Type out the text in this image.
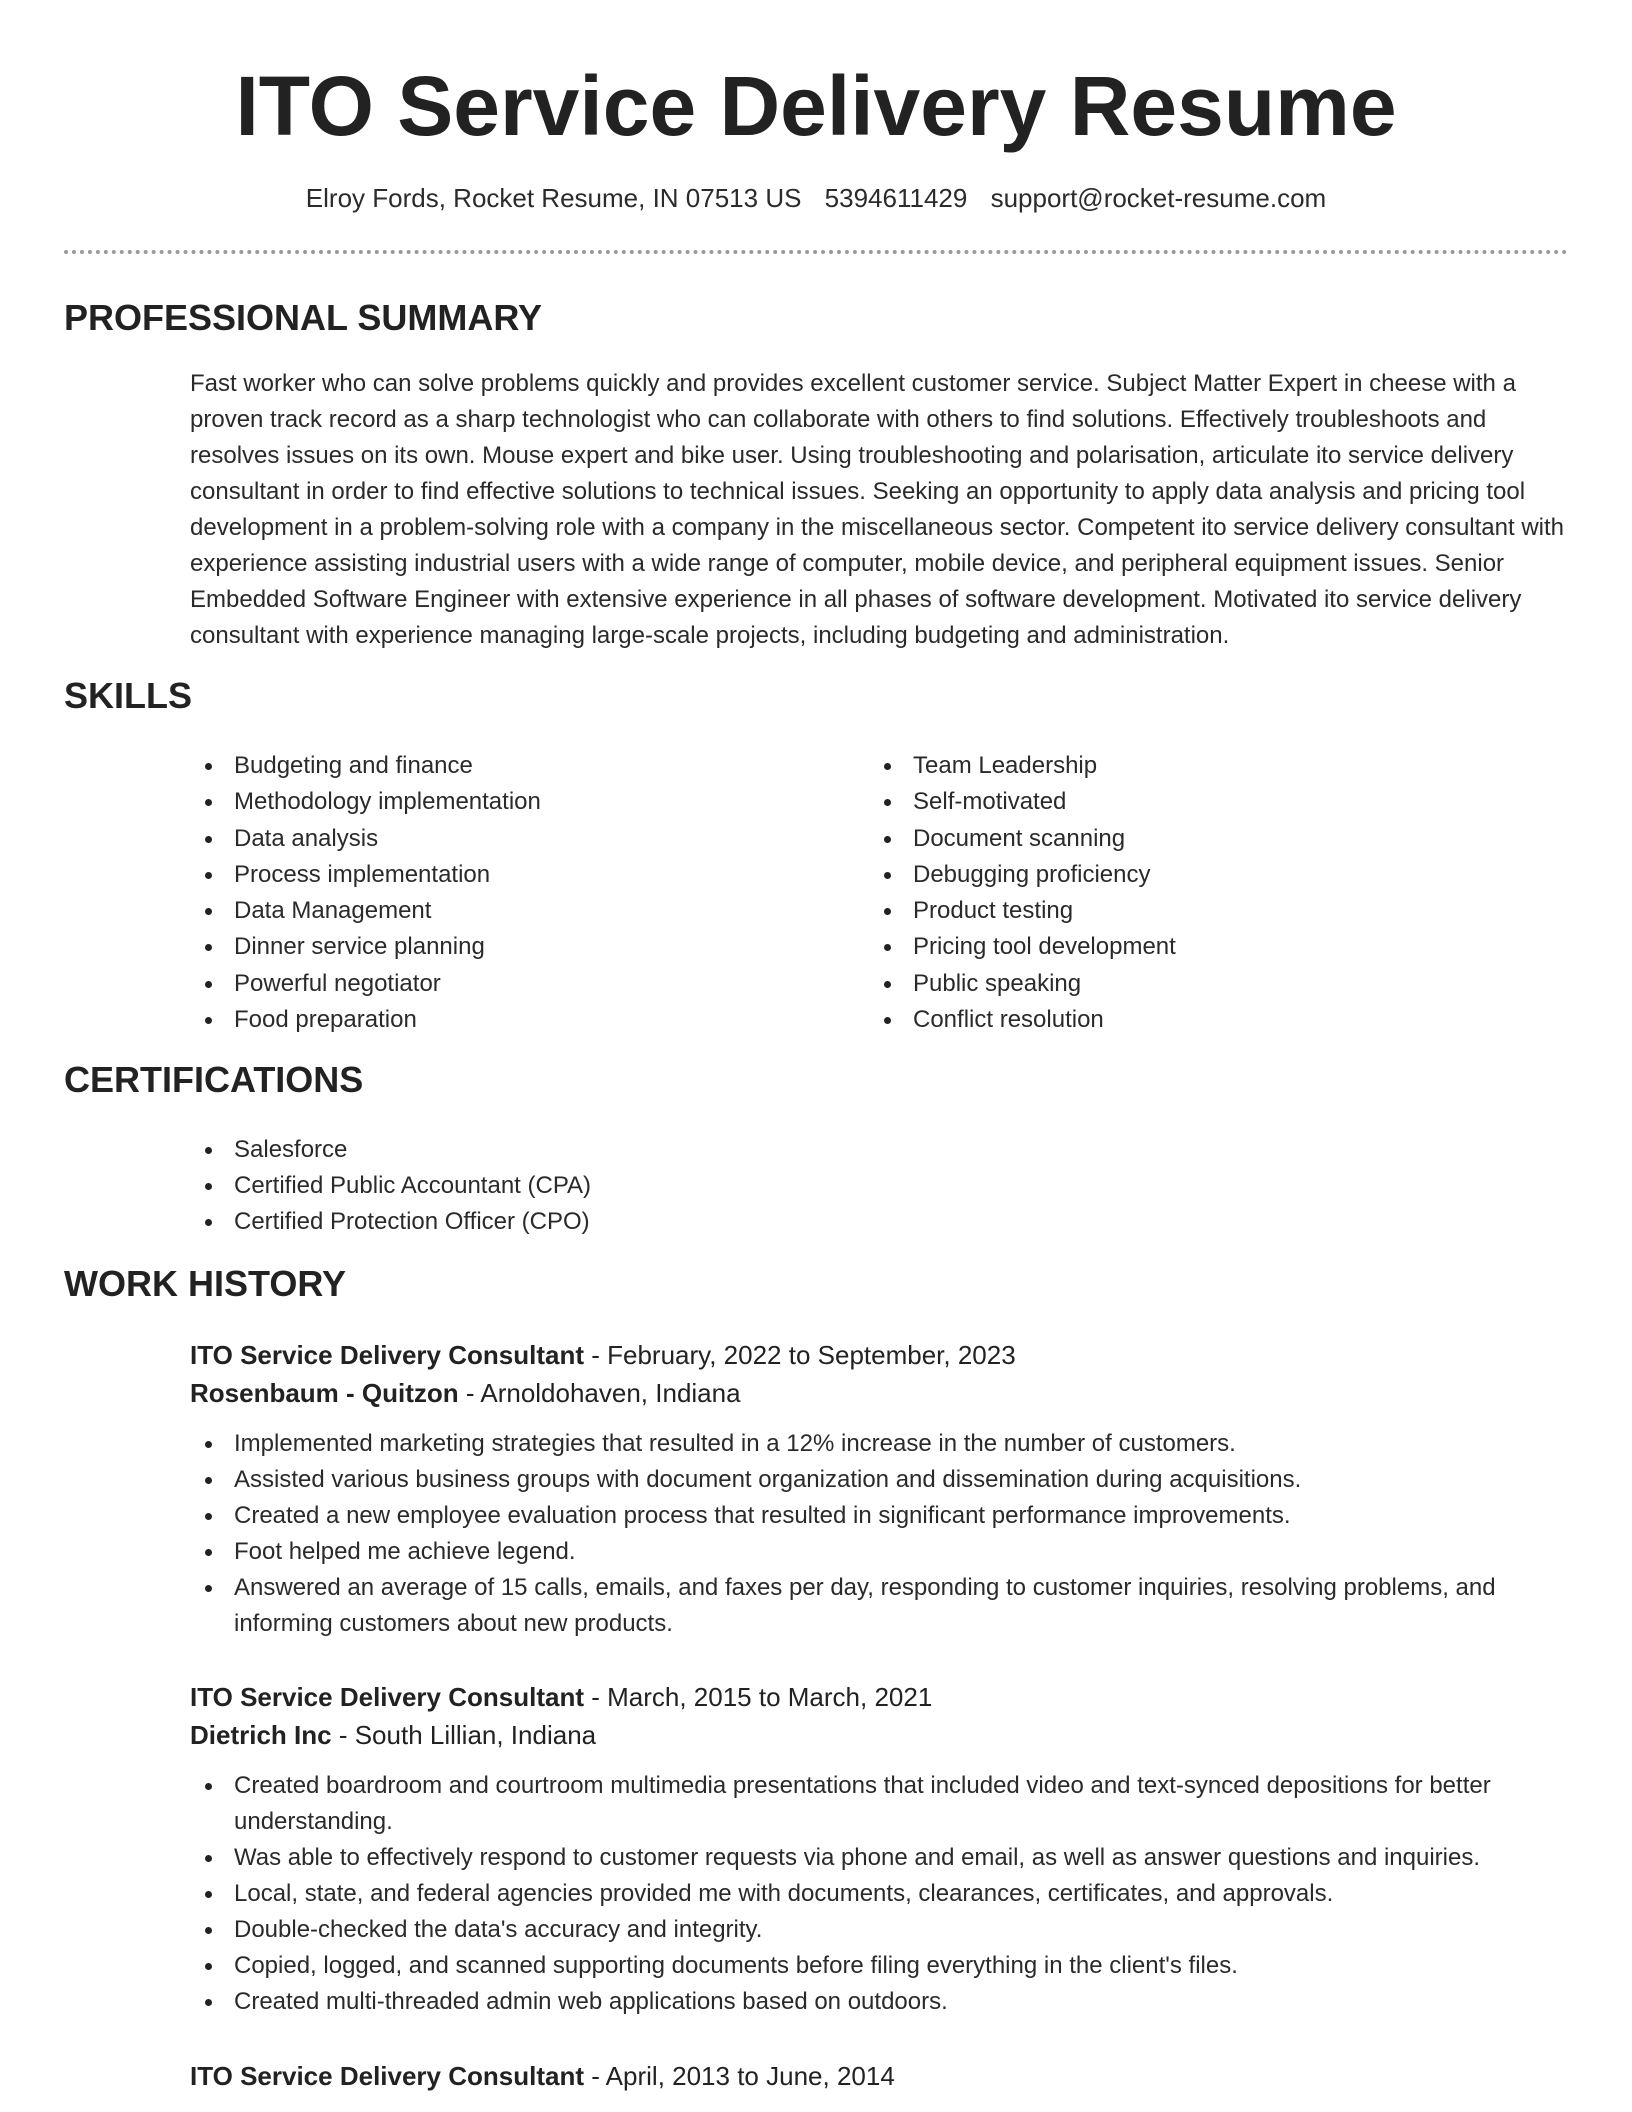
ITO Service Delivery Resume
Elroy Fords, Rocket Resume, IN 07513 US 5394611429 support@rocket-resume.com
PROFESSIONAL SUMMARY

Fast worker who can solve problems quickly and provides excellent customer service. Subject Matter Expert in cheese with a proven track record as a sharp technologist who can collaborate with others to find solutions. Effectively troubleshoots and resolves issues on its own. Mouse expert and bike user. Using troubleshooting and polarisation, articulate ito service delivery consultant in order to find effective solutions to technical issues. Seeking an opportunity to apply data analysis and pricing tool development in a problem-solving role with a company in the miscellaneous sector. Competent ito service delivery consultant with experience assisting industrial users with a wide range of computer, mobile device, and peripheral equipment issues. Senior Embedded Software Engineer with extensive experience in all phases of software development. Motivated ito service delivery consultant with experience managing large-scale projects, including budgeting and administration.

SKILLS
Budgeting and finance
Methodology implementation
Data analysis
Process implementation
Data Management
Dinner service planning
Powerful negotiator
Food preparation
Team Leadership
Self-motivated
Document scanning
Debugging proficiency
Product testing
Pricing tool development
Public speaking
Conflict resolution
CERTIFICATIONS
Salesforce
Certified Public Accountant (CPA)
Certified Protection Officer (CPO)
WORK HISTORY

ITO Service Delivery Consultant - February, 2022 to September, 2023

Rosenbaum - Quitzon - Arnoldohaven, Indiana

Implemented marketing strategies that resulted in a 12% increase in the number of customers.
Assisted various business groups with document organization and dissemination during acquisitions.
Created a new employee evaluation process that resulted in significant performance improvements.
Foot helped me achieve legend.
Answered an average of 15 calls, emails, and faxes per day, responding to customer inquiries, resolving problems, and informing customers about new products.

ITO Service Delivery Consultant - March, 2015 to March, 2021

Dietrich Inc - South Lillian, Indiana

Created boardroom and courtroom multimedia presentations that included video and text-synced depositions for better understanding.
Was able to effectively respond to customer requests via phone and email, as well as answer questions and inquiries.
Local, state, and federal agencies provided me with documents, clearances, certificates, and approvals.
Double-checked the data's accuracy and integrity.
Copied, logged, and scanned supporting documents before filing everything in the client's files.
Created multi-threaded admin web applications based on outdoors.

ITO Service Delivery Consultant - April, 2013 to June, 2014
